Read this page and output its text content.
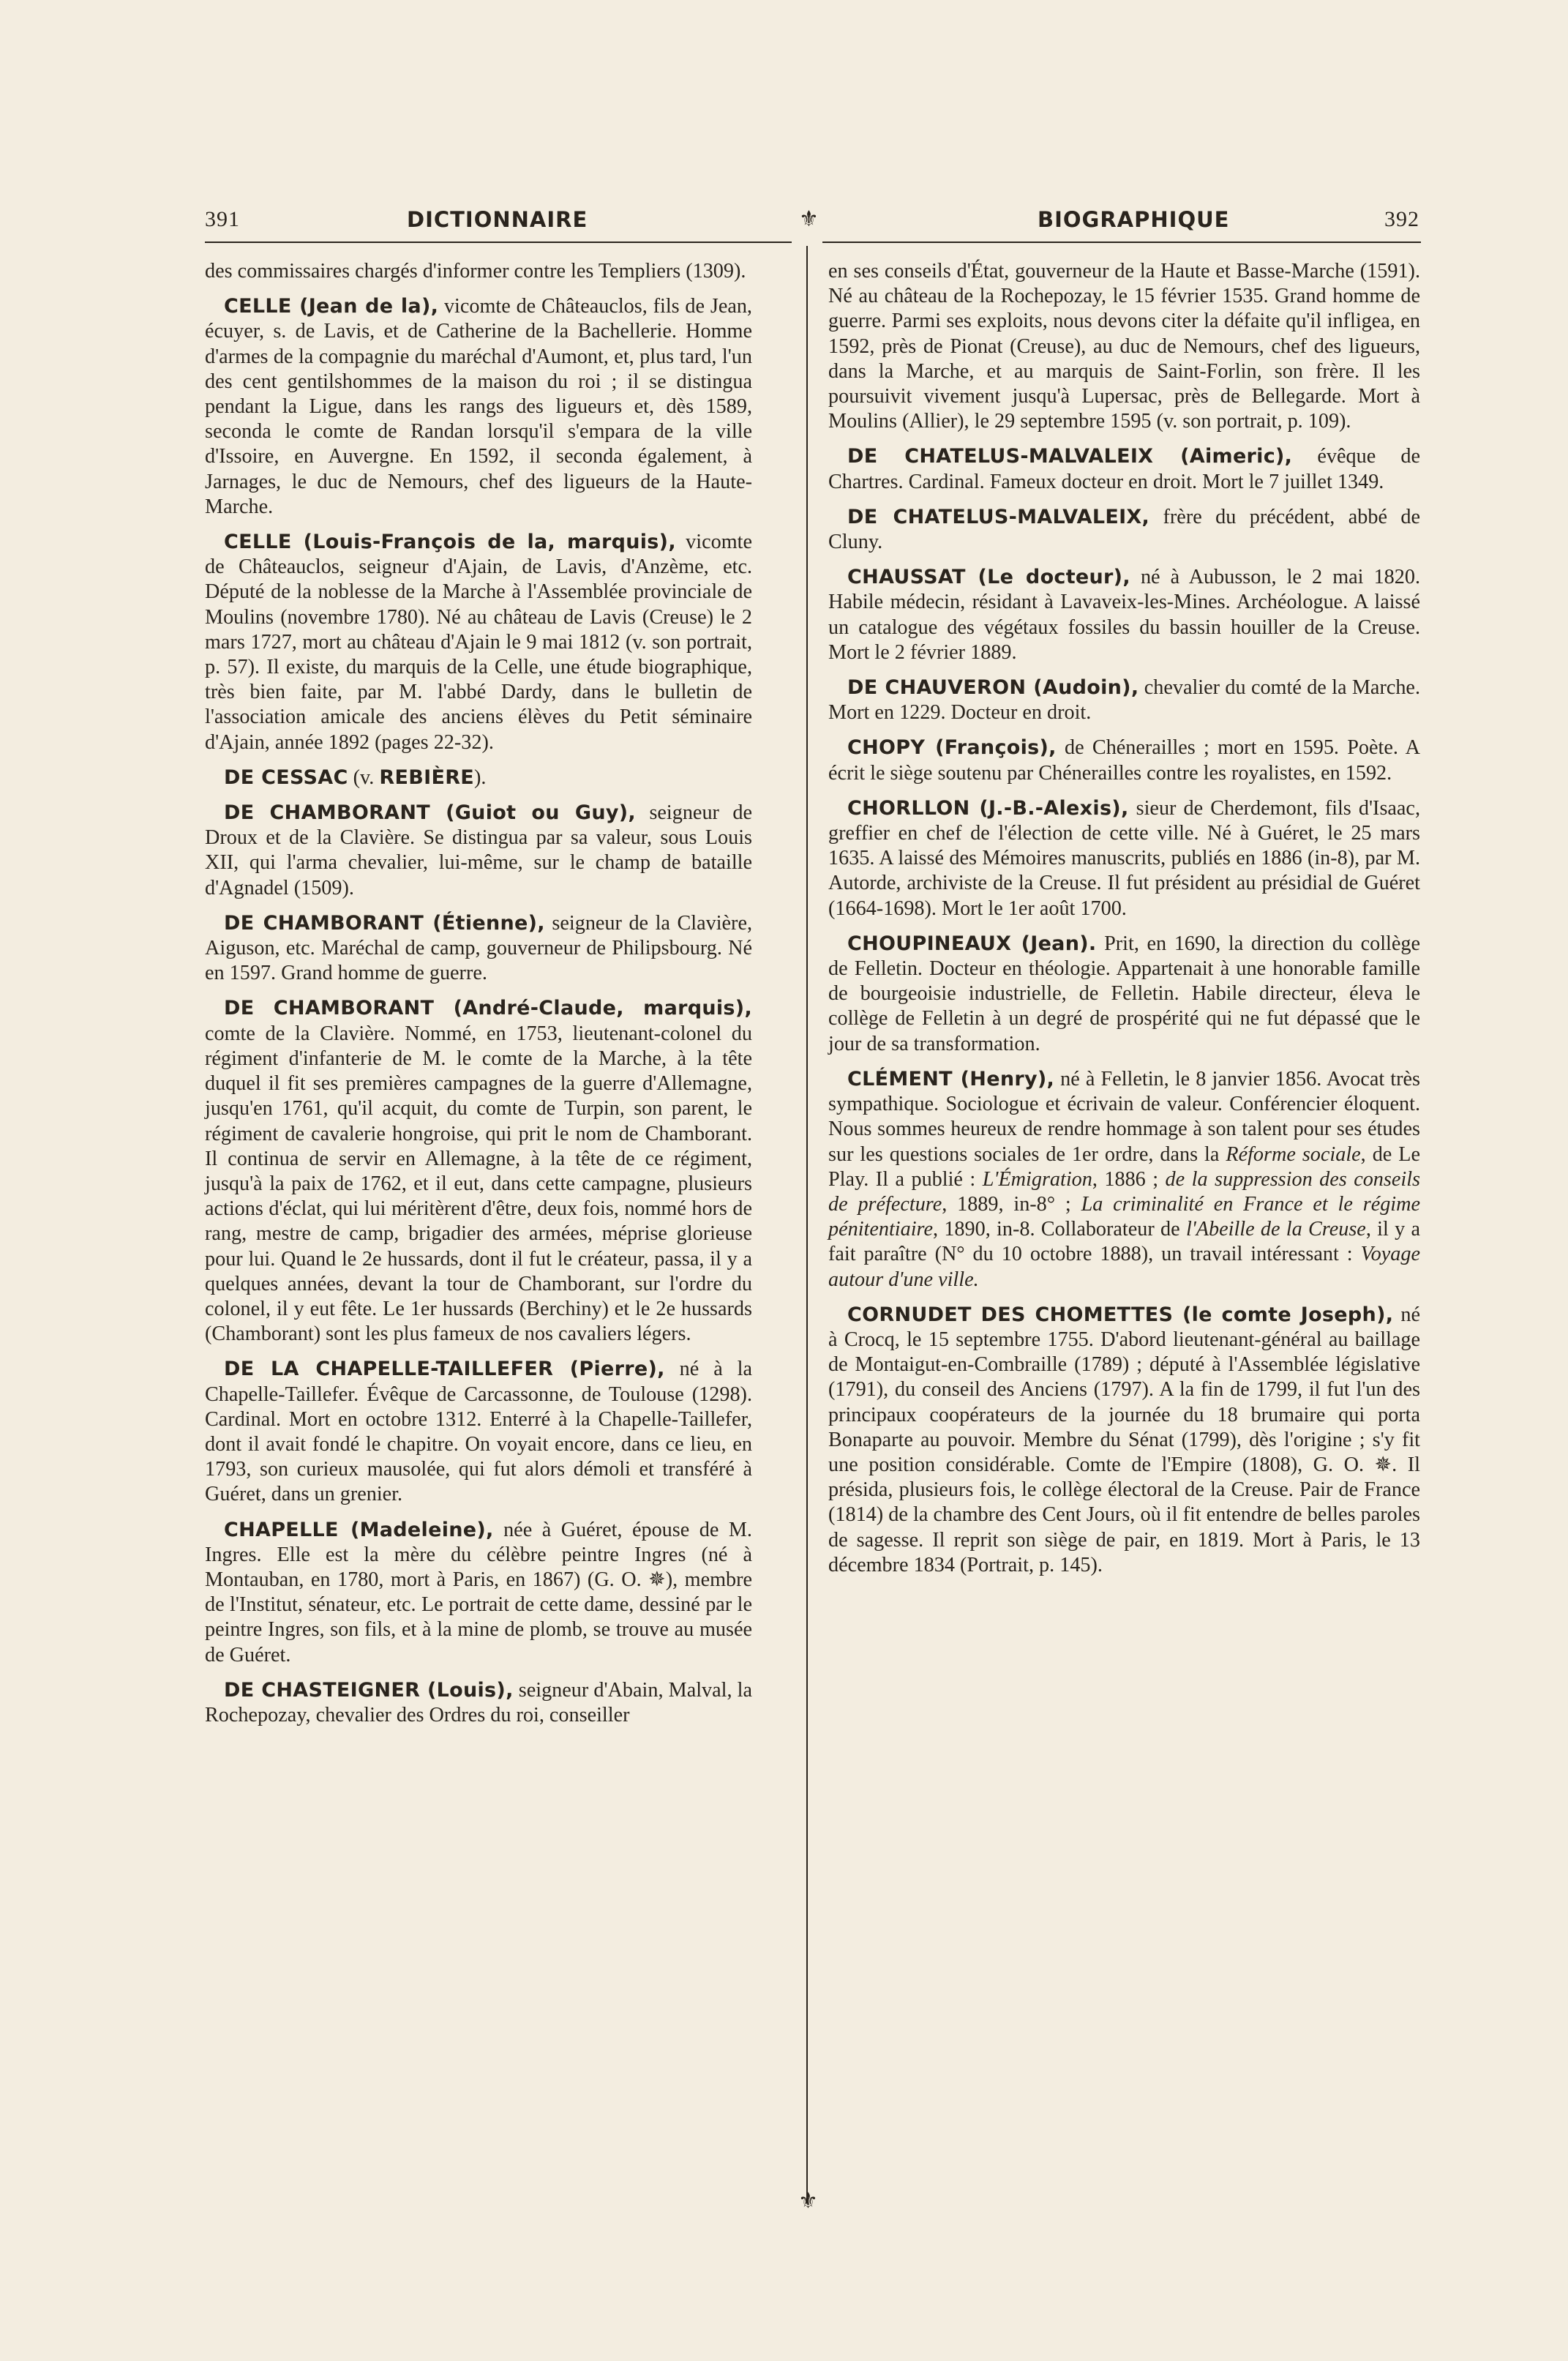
391	DICTIONNAIRE	⚜	BIOGRAPHIQUE	392
⚜

des commissaires chargés d'informer contre les Templiers (1309).

CELLE (Jean de la), vicomte de Châteauclos, fils de Jean, écuyer, s. de Lavis, et de Catherine de la Bachellerie. Homme d'armes de la compagnie du maréchal d'Aumont, et, plus tard, l'un des cent gentilshommes de la maison du roi ; il se distingua pendant la Ligue, dans les rangs des ligueurs et, dès 1589, seconda le comte de Randan lorsqu'il s'empara de la ville d'Issoire, en Auvergne. En 1592, il seconda également, à Jarnages, le duc de Nemours, chef des ligueurs de la Haute-Marche.

CELLE (Louis-François de la, marquis), vicomte de Châteauclos, seigneur d'Ajain, de Lavis, d'Anzème, etc. Député de la noblesse de la Marche à l'Assemblée provinciale de Moulins (novembre 1780). Né au château de Lavis (Creuse) le 2 mars 1727, mort au château d'Ajain le 9 mai 1812 (v. son portrait, p. 57). Il existe, du marquis de la Celle, une étude biographique, très bien faite, par M. l'abbé Dardy, dans le bulletin de l'association amicale des anciens élèves du Petit séminaire d'Ajain, année 1892 (pages 22-32).

DE CESSAC (v. REBIÈRE).

DE CHAMBORANT (Guiot ou Guy), seigneur de Droux et de la Clavière. Se distingua par sa valeur, sous Louis XII, qui l'arma chevalier, lui-même, sur le champ de bataille d'Agnadel (1509).

DE CHAMBORANT (Étienne), seigneur de la Clavière, Aiguson, etc. Maréchal de camp, gouverneur de Philipsbourg. Né en 1597. Grand homme de guerre.

DE CHAMBORANT (André-Claude, marquis), comte de la Clavière. Nommé, en 1753, lieutenant-colonel du régiment d'infanterie de M. le comte de la Marche, à la tête duquel il fit ses premières campagnes de la guerre d'Allemagne, jusqu'en 1761, qu'il acquit, du comte de Turpin, son parent, le régiment de cavalerie hongroise, qui prit le nom de Chamborant. Il continua de servir en Allemagne, à la tête de ce régiment, jusqu'à la paix de 1762, et il eut, dans cette campagne, plusieurs actions d'éclat, qui lui méritèrent d'être, deux fois, nommé hors de rang, mestre de camp, brigadier des armées, méprise glorieuse pour lui. Quand le 2e hussards, dont il fut le créateur, passa, il y a quelques années, devant la tour de Chamborant, sur l'ordre du colonel, il y eut fête. Le 1er hussards (Berchiny) et le 2e hussards (Chamborant) sont les plus fameux de nos cavaliers légers.

DE LA CHAPELLE-TAILLEFER (Pierre), né à la Chapelle-Taillefer. Évêque de Carcassonne, de Toulouse (1298). Cardinal. Mort en octobre 1312. Enterré à la Chapelle-Taillefer, dont il avait fondé le chapitre. On voyait encore, dans ce lieu, en 1793, son curieux mausolée, qui fut alors démoli et transféré à Guéret, dans un grenier.

CHAPELLE (Madeleine), née à Guéret, épouse de M. Ingres. Elle est la mère du célèbre peintre Ingres (né à Montauban, en 1780, mort à Paris, en 1867) (G. O. ✵), membre de l'Institut, sénateur, etc. Le portrait de cette dame, dessiné par le peintre Ingres, son fils, et à la mine de plomb, se trouve au musée de Guéret.

DE CHASTEIGNER (Louis), seigneur d'Abain, Malval, la Rochepozay, chevalier des Ordres du roi, conseiller

en ses conseils d'État, gouverneur de la Haute et Basse-Marche (1591). Né au château de la Rochepozay, le 15 février 1535. Grand homme de guerre. Parmi ses exploits, nous devons citer la défaite qu'il infligea, en 1592, près de Pionat (Creuse), au duc de Nemours, chef des ligueurs, dans la Marche, et au marquis de Saint-Forlin, son frère. Il les poursuivit vivement jusqu'à Lupersac, près de Bellegarde. Mort à Moulins (Allier), le 29 septembre 1595 (v. son portrait, p. 109).

DE CHATELUS-MALVALEIX (Aimeric), évêque de Chartres. Cardinal. Fameux docteur en droit. Mort le 7 juillet 1349.

DE CHATELUS-MALVALEIX, frère du précédent, abbé de Cluny.

CHAUSSAT (Le docteur), né à Aubusson, le 2 mai 1820. Habile médecin, résidant à Lavaveix-les-Mines. Archéologue. A laissé un catalogue des végétaux fossiles du bassin houiller de la Creuse. Mort le 2 février 1889.

DE CHAUVERON (Audoin), chevalier du comté de la Marche. Mort en 1229. Docteur en droit.

CHOPY (François), de Chénerailles ; mort en 1595. Poète. A écrit le siège soutenu par Chénerailles contre les royalistes, en 1592.

CHORLLON (J.-B.-Alexis), sieur de Cherdemont, fils d'Isaac, greffier en chef de l'élection de cette ville. Né à Guéret, le 25 mars 1635. A laissé des Mémoires manuscrits, publiés en 1886 (in-8), par M. Autorde, archiviste de la Creuse. Il fut président au présidial de Guéret (1664-1698). Mort le 1er août 1700.

CHOUPINEAUX (Jean). Prit, en 1690, la direction du collège de Felletin. Docteur en théologie. Appartenait à une honorable famille de bourgeoisie industrielle, de Felletin. Habile directeur, éleva le collège de Felletin à un degré de prospérité qui ne fut dépassé que le jour de sa transformation.

CLÉMENT (Henry), né à Felletin, le 8 janvier 1856. Avocat très sympathique. Sociologue et écrivain de valeur. Conférencier éloquent. Nous sommes heureux de rendre hommage à son talent pour ses études sur les questions sociales de 1er ordre, dans la Réforme sociale, de Le Play. Il a publié : L'Émigration, 1886 ; de la suppression des conseils de préfecture, 1889, in-8° ; La criminalité en France et le régime pénitentiaire, 1890, in-8. Collaborateur de l'Abeille de la Creuse, il y a fait paraître (N° du 10 octobre 1888), un travail intéressant : Voyage autour d'une ville.

CORNUDET DES CHOMETTES (le comte Joseph), né à Crocq, le 15 septembre 1755. D'abord lieutenant-général au baillage de Montaigut-en-Combraille (1789) ; député à l'Assemblée législative (1791), du conseil des Anciens (1797). A la fin de 1799, il fut l'un des principaux coopérateurs de la journée du 18 brumaire qui porta Bonaparte au pouvoir. Membre du Sénat (1799), dès l'origine ; s'y fit une position considérable. Comte de l'Empire (1808), G. O. ✵. Il présida, plusieurs fois, le collège électoral de la Creuse. Pair de France (1814) de la chambre des Cent Jours, où il fit entendre de belles paroles de sagesse. Il reprit son siège de pair, en 1819. Mort à Paris, le 13 décembre 1834 (Portrait, p. 145).
